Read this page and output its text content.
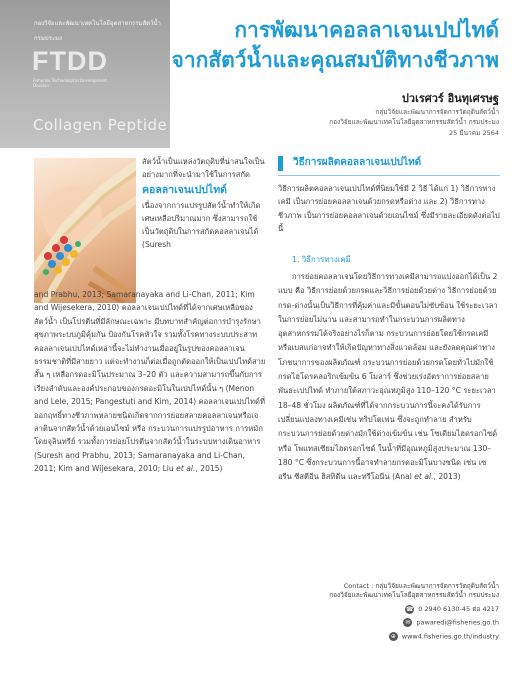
กองวิจัยและพัฒนาเทคโนโลยีอุตสาหกรรมสัตว์น้ำ
กรมประมง
FTDD
Fisheries Technological Development Division
Collagen Peptide
การพัฒนาคอลลาเจนเปปไทด์
จากสัตว์น้ำและคุณสมบัติทางชีวภาพ
ปวเรศวร์ อินทุเศรษฐ
กลุ่มวิจัยและพัฒนาการจัดการวัตถุดิบสัตว์น้ำ
กองวิจัยและพัฒนาเทคโนโลยีอุตสาหกรรมสัตว์น้ำ กรมประมง
25 มีนาคม 2564

สัตว์น้ำเป็นแหล่งวัตถุดิบที่น่าสนใจเป็นอย่างมากที่จะนำมาใช้ในการสกัด

คอลลาเจนเปปไทด์

เนื่องจากการแปรรูปสัตว์น้ำทำให้เกิดเศษเหลือปริมาณมาก ซึ่งสามารถใช้เป็นวัตถุดิบในการสกัดคอลลาเจนได้ (Suresh

and Prabhu, 2013; Samaranayaka and Li-Chan, 2011; Kim and Wijesekera, 2010) คอลลาเจนเปปไทด์ที่ได้จากเศษเหลือของสัตว์น้ำ เป็นโปรตีนที่มีลักษณะเฉพาะ มีบทบาทสำคัญต่อการบำรุงรักษาสุขภาพระบบภูมิคุ้มกัน ป้องกันโรคหัวใจ รวมทั้งโรคทางระบบประสาท คอลลาเจนเปปไทด์เหล่านี้จะไม่ทำงานเมื่ออยู่ในรูปของคอลลาเจนธรรมชาติที่มีสายยาว แต่จะทำงานก็ต่อเมื่อถูกตัดออกให้เป็นเปปไทด์สายสั้น ๆ เหลือกรดอะมิโนประมาณ 3–20 ตัว และความสามารถขึ้นกับการเรียงลำดับและองค์ประกอบของกรดอะมิโนในเปปไทด์นั้น ๆ (Menon and Lele, 2015; Pangestuti and Kim, 2014) คอลลาเจนเปปไทด์ที่ออกฤทธิ์ทางชีวภาพหลายชนิดเกิดจากการย่อยสลายคอลลาเจนหรือเจลาตินจากสัตว์น้ำด้วยเอนไซม์ หรือ กระบวนการแปรรูปอาหาร การหมักโดยจุลินทรีย์ รวมทั้งการย่อยโปรตีนจากสัตว์น้ำในระบบทางเดินอาหาร (Suresh and Prabhu, 2013; Samaranayaka and Li-Chan, 2011; Kim and Wijesekara, 2010; Liu et al., 2015)

วิธีการผลิตคอลลาเจนเปปไทด์

วิธีการผลิตคอลลาเจนเปปไทด์ที่นิยมใช้มี 2 วิธี ได้แก่ 1) วิธีการทางเคมี เป็นการย่อยคอลลาเจนด้วยกรดหรือด่าง และ 2) วิธีการทางชีวภาพ เป็นการย่อยคอลลาเจนด้วยเอนไซม์ ซึ่งมีรายละเอียดดังต่อไปนี้

1. วิธีการทางเคมี

การย่อยคอลลาเจนโดยวิธีการทางเคมีสามารถแบ่งออกได้เป็น 2 แบบ คือ วิธีการย่อยด้วยกรดและวิธีการย่อยด้วยด่าง วิธีการย่อยด้วยกรด-ด่างนั้นเป็นวิธีการที่คุ้มค่าและมีขั้นตอนไม่ซับซ้อน ใช้ระยะเวลาในการย่อยไม่นาน และสามารถทำในกระบวนการผลิตทางอุตสาหกรรมได้จริงอย่างไรก็ตาม กระบวนการย่อยโดยใช้กรดเคมีหรือเบสแก่อาจทำให้เกิดปัญหาทางสิ่งแวดล้อม และยังลดคุณค่าทางโภชนาการของผลิตภัณฑ์ กระบวนการย่อยด้วยกรดโดยทั่วไปมักใช้กรดไฮโดรคลอริกเข้มข้น 6 โมลาร์ ซึ่งช่วยเร่งอัตราการย่อยสลายพันธะเปปไทด์ ทำภายใต้สภาวะอุณหภูมิสูง 110–120 °C ระยะเวลา 18–48 ชั่วโมง ผลิตภัณฑ์ที่ได้จากกระบวนการนี้จะคงได้รับการเปลี่ยนแปลงทางเคมีเช่น ทริปโตเฟน ซึ่งจะถูกทำลาย สำหรับกระบวนการย่อยด้วยด่างมักใช้ด่างเข้มข้น เช่น โซเดียมไฮดรอกไซด์ หรือ โพแทสเซียมไฮดรอกไซด์ ในน้ำที่มีอุณหภูมิสูงประมาณ 130–180 °C ซึ่งกระบวนการนี้อาจทำลายกรดอะมิโนบางชนิด เช่น เซอรีน ซีสตีอีน ฮิสทิดีน และทรีโอนีน (Anal et al., 2013)

Contact : กลุ่มวิจัยและพัฒนาการจัดการวัตถุดิบสัตว์น้ำ
กองวิจัยและพัฒนาเทคโนโลยีอุตสาหกรรมสัตว์น้ำ กรมประมง
☎ 0 2940 6130-45 ต่อ 4217
✉ pawaredi@fisheries.go.th
⊕ www4.fisheries.go.th/industry
